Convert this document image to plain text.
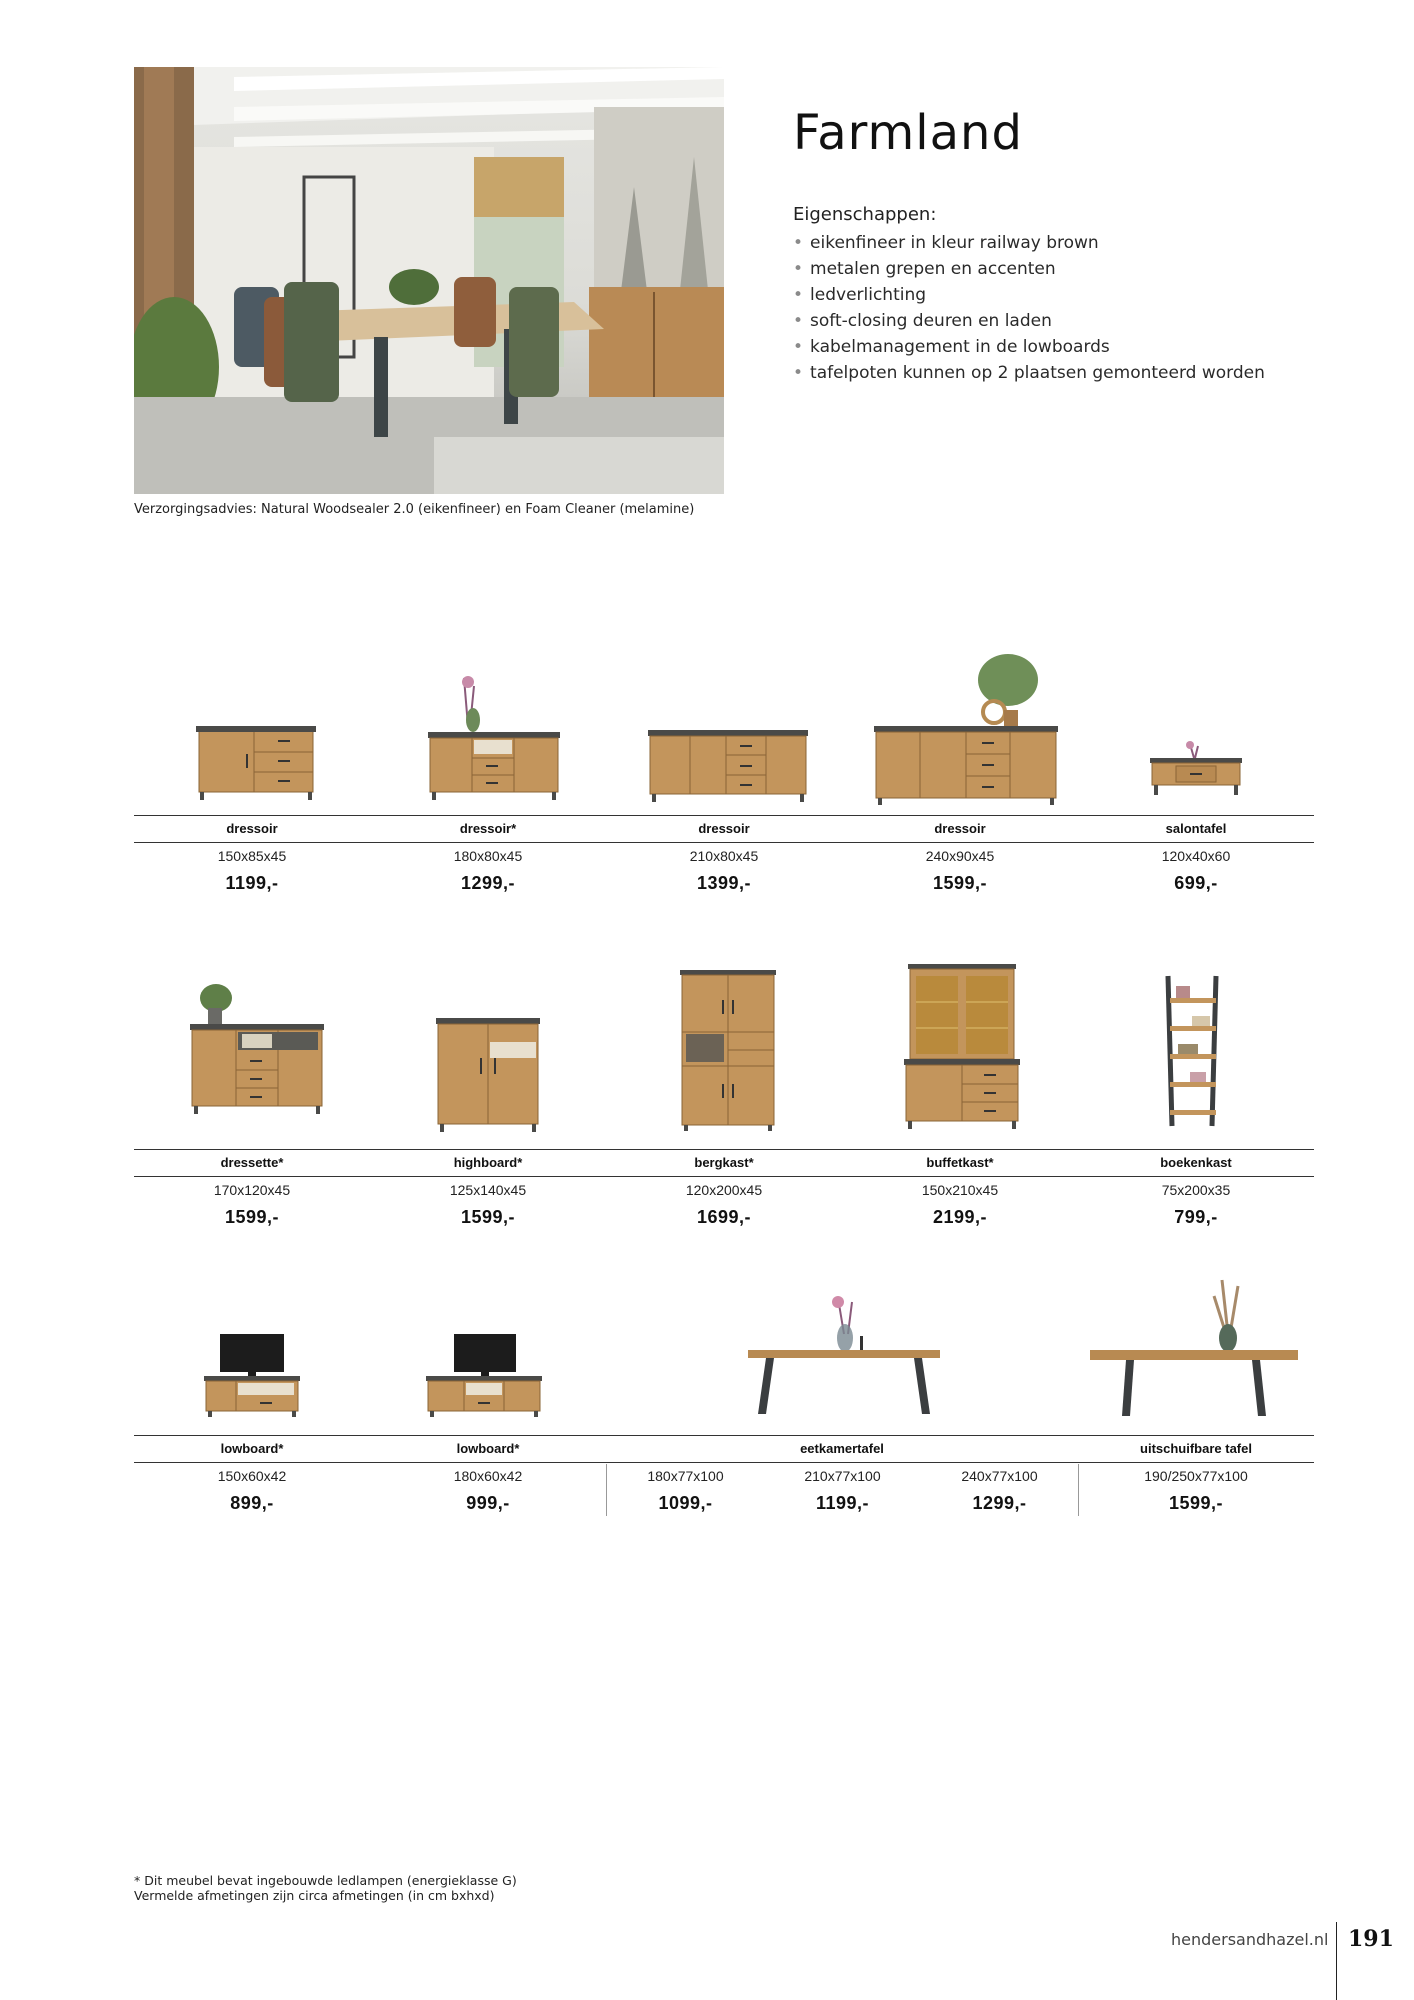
Verzorgingsadvies: Natural Woodsealer 2.0 (eikenfineer) en Foam Cleaner (melamine)
Farmland
Eigenschappen:
• eikenfineer in kleur railway brown
• metalen grepen en accenten
• ledverlichting
• soft-closing deuren en laden
• kabelmanagement in de lowboards
• tafelpoten kunnen op 2 plaatsen gemonteerd worden
dressoir
150x85x45
1199,-
dressoir*
180x80x45
1299,-
dressoir
210x80x45
1399,-
dressoir
240x90x45
1599,-
salontafel
120x40x60
699,-
dressette*
170x120x45
1599,-
highboard*
125x140x45
1599,-
bergkast*
120x200x45
1699,-
buffetkast*
150x210x45
2199,-
boekenkast
75x200x35
799,-
lowboard*
150x60x42
899,-
lowboard*
180x60x42
999,-
eetkamertafel
180x77x100
1099,-
210x77x100
1199,-
240x77x100
1299,-
uitschuifbare tafel
190/250x77x100
1599,-
* Dit meubel bevat ingebouwde ledlampen (energieklasse G)
Vermelde afmetingen zijn circa afmetingen (in cm bxhxd)
hendersandhazel.nl 191
